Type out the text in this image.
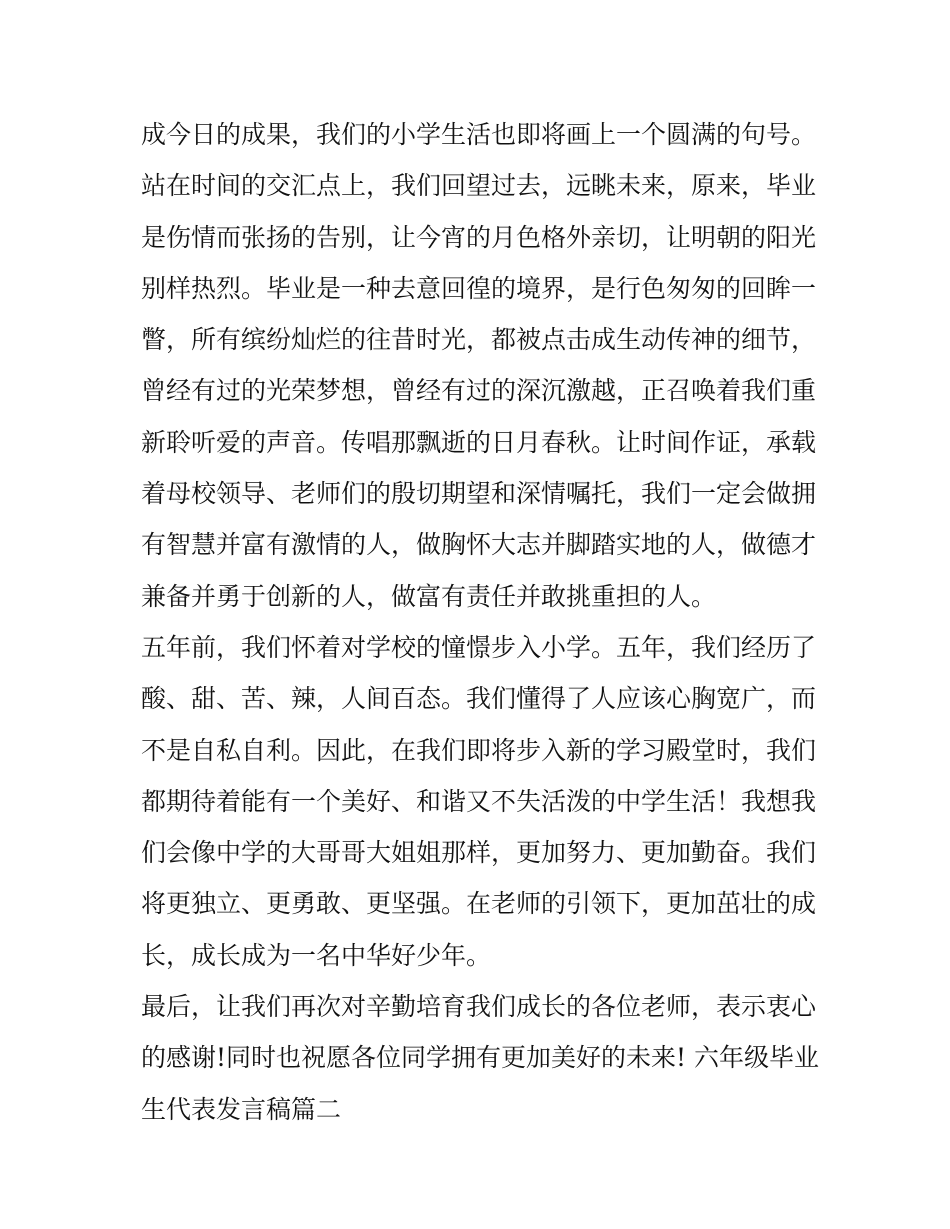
成今日的成果，我们的小学生活也即将画上一个圆满的句号。
站在时间的交汇点上，我们回望过去，远眺未来，原来，毕业
是伤情而张扬的告别，让今宵的月色格外亲切，让明朝的阳光
别样热烈。毕业是一种去意回徨的境界，是行色匆匆的回眸一
瞥，所有缤纷灿烂的往昔时光，都被点击成生动传神的细节，
曾经有过的光荣梦想，曾经有过的深沉激越，正召唤着我们重
新聆听爱的声音。传唱那飘逝的日月春秋。让时间作证，承载
着母校领导、老师们的殷切期望和深情嘱托，我们一定会做拥
有智慧并富有激情的人，做胸怀大志并脚踏实地的人，做德才
兼备并勇于创新的人，做富有责任并敢挑重担的人。
五年前，我们怀着对学校的憧憬步入小学。五年，我们经历了
酸、甜、苦、辣，人间百态。我们懂得了人应该心胸宽广，而
不是自私自利。因此，在我们即将步入新的学习殿堂时，我们
都期待着能有一个美好、和谐又不失活泼的中学生活！我想我
们会像中学的大哥哥大姐姐那样，更加努力、更加勤奋。我们
将更独立、更勇敢、更坚强。在老师的引领下，更加茁壮的成
长，成长成为一名中华好少年。
最后，让我们再次对辛勤培育我们成长的各位老师，表示衷心
的感谢!同时也祝愿各位同学拥有更加美好的未来! 六年级毕业
生代表发言稿篇二
